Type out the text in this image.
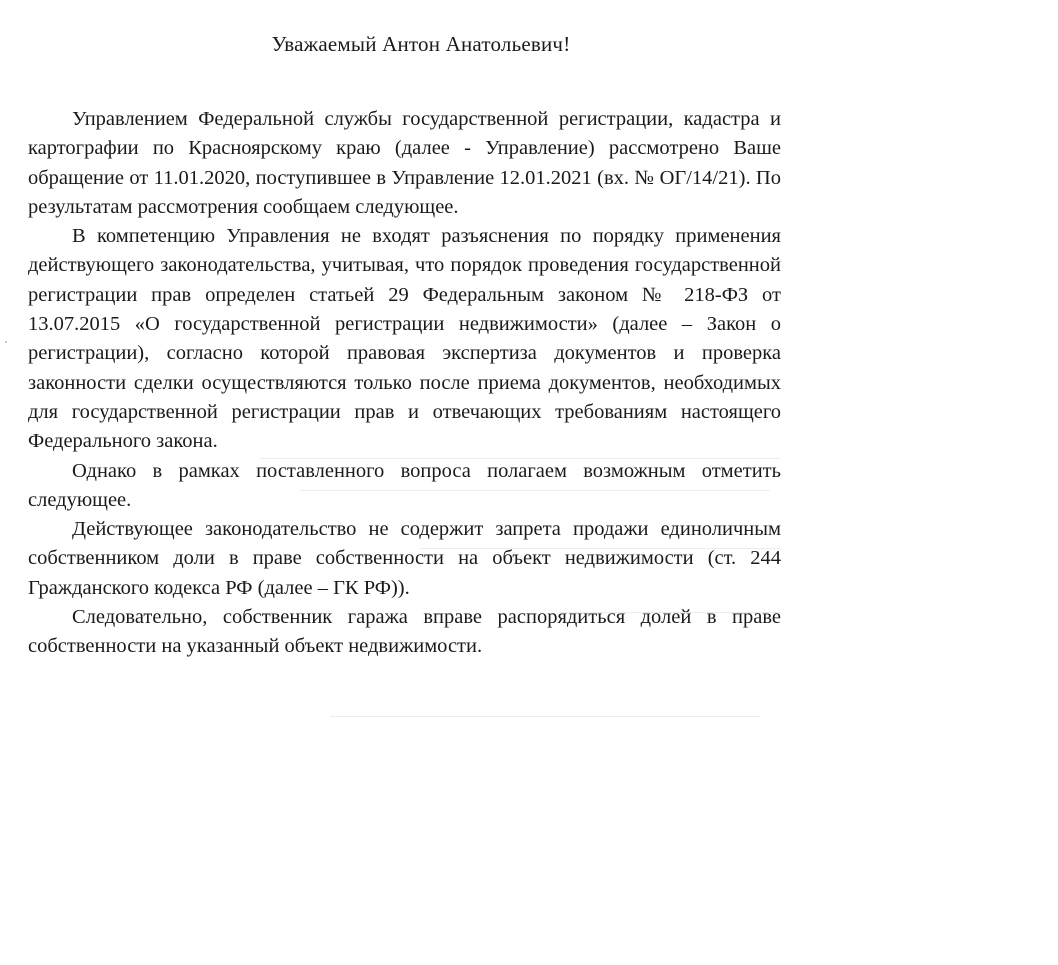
Уважаемый Антон Анатольевич!

Управлением Федеральной службы государственной регистрации, кадастра и картографии по Красноярскому краю (далее - Управление) рассмотрено Ваше обращение от 11.01.2020, поступившее в Управление 12.01.2021 (вх. № ОГ/14/21). По результатам рассмотрения сообщаем следующее.

В компетенцию Управления не входят разъяснения по порядку применения действующего законодательства, учитывая, что порядок проведения государственной регистрации прав определен статьей 29 Федеральным законом № 218-ФЗ от 13.07.2015 «О государственной регистрации недвижимости» (далее – Закон о регистрации), согласно которой правовая экспертиза документов и проверка законности сделки осуществляются только после приема документов, необходимых для государственной регистрации прав и отвечающих требованиям настоящего Федерального закона.

Однако в рамках поставленного вопроса полагаем возможным отметить следующее.

Действующее законодательство не содержит запрета продажи единоличным собственником доли в праве собственности на объект недвижимости (ст. 244 Гражданского кодекса РФ (далее – ГК РФ)).

Следовательно, собственник гаража вправе распорядиться долей в праве собственности на указанный объект недвижимости.
